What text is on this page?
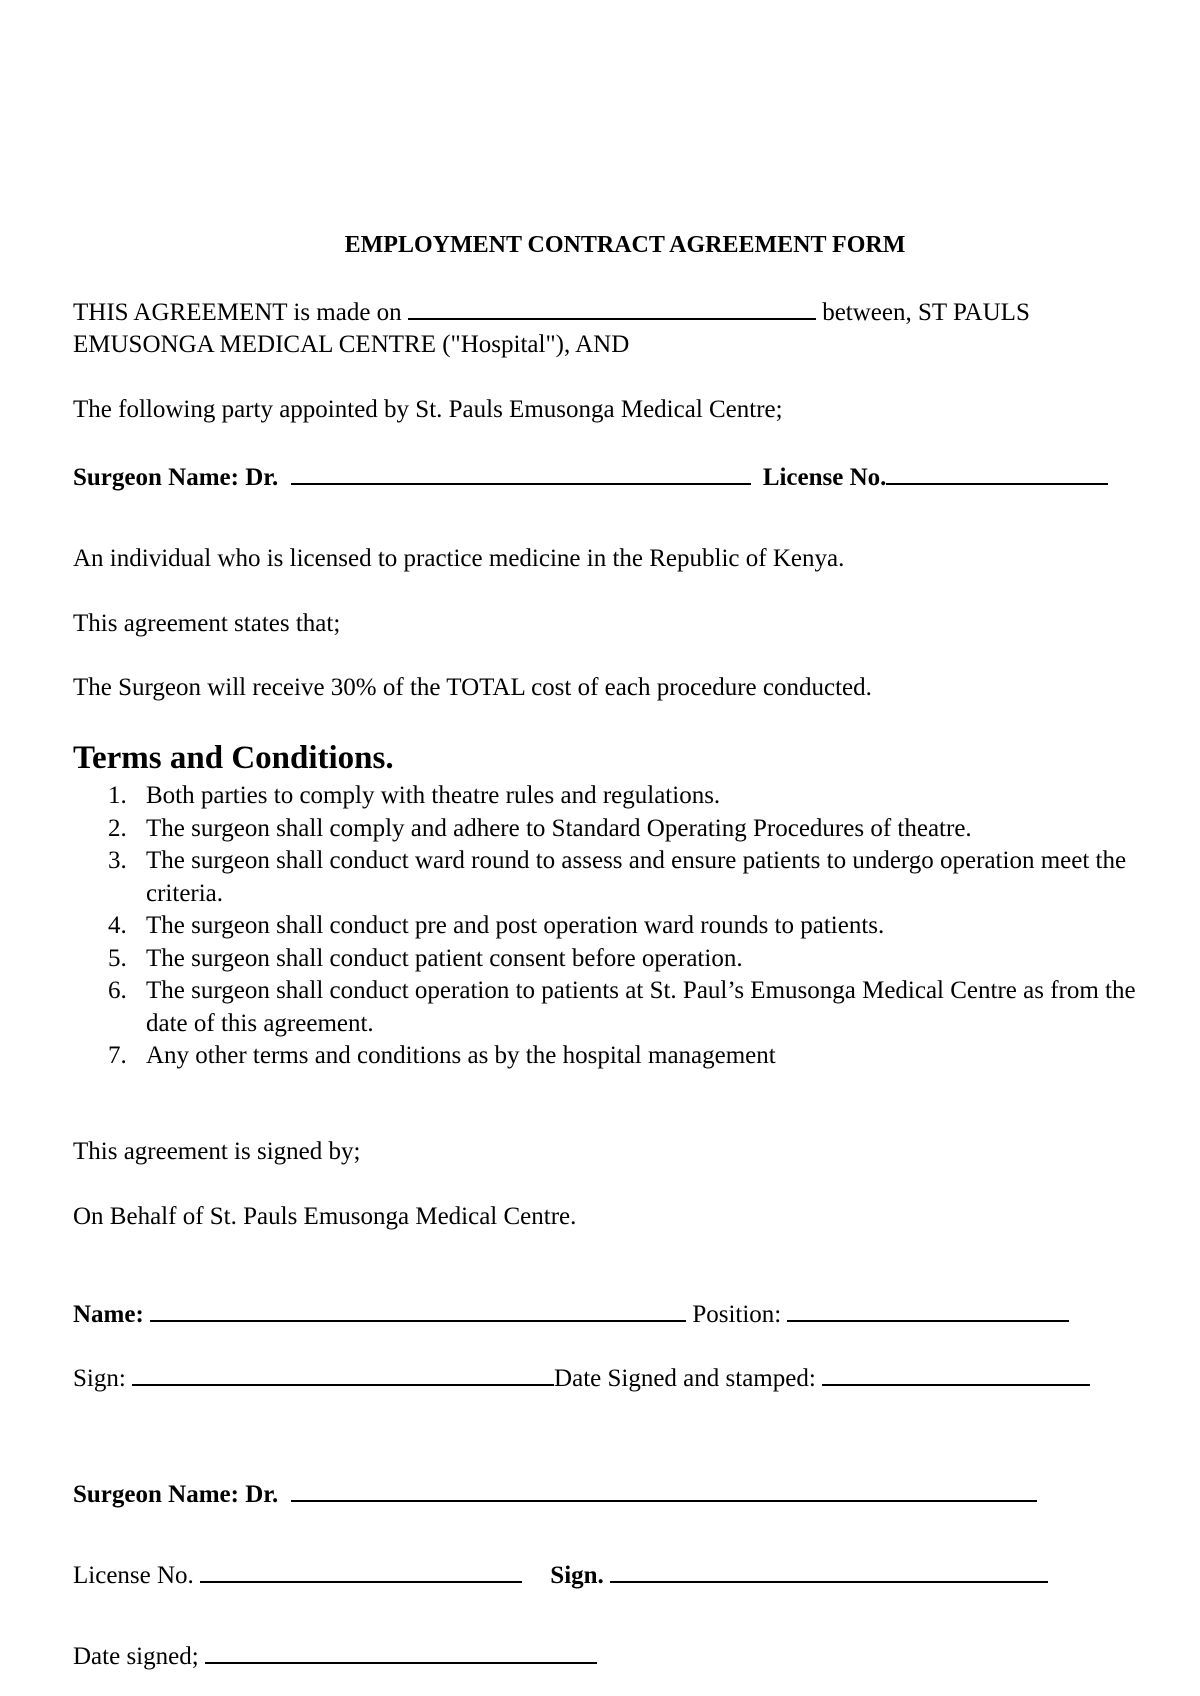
EMPLOYMENT CONTRACT AGREEMENT FORM
THIS AGREEMENT is made on	between, ST PAULS
EMUSONGA MEDICAL CENTRE ("Hospital"), AND
The following party appointed by St. Pauls Emusonga Medical Centre;
Surgeon Name: Dr.	License No.
An individual who is licensed to practice medicine in the Republic of Kenya.
This agreement states that;
The Surgeon will receive 30% of the TOTAL cost of each procedure conducted.
Terms and Conditions.
1. Both parties to comply with theatre rules and regulations.
2. The surgeon shall comply and adhere to Standard Operating Procedures of theatre.
3. The surgeon shall conduct ward round to assess and ensure patients to undergo operation meet the criteria.
4. The surgeon shall conduct pre and post operation ward rounds to patients.
5. The surgeon shall conduct patient consent before operation.
6. The surgeon shall conduct operation to patients at St. Paul’s Emusonga Medical Centre as from the date of this agreement.
7. Any other terms and conditions as by the hospital management
This agreement is signed by;
On Behalf of St. Pauls Emusonga Medical Centre.
Name:	Position:
Sign:	Date Signed and stamped:
Surgeon Name: Dr.
License No.	Sign.
Date signed;
